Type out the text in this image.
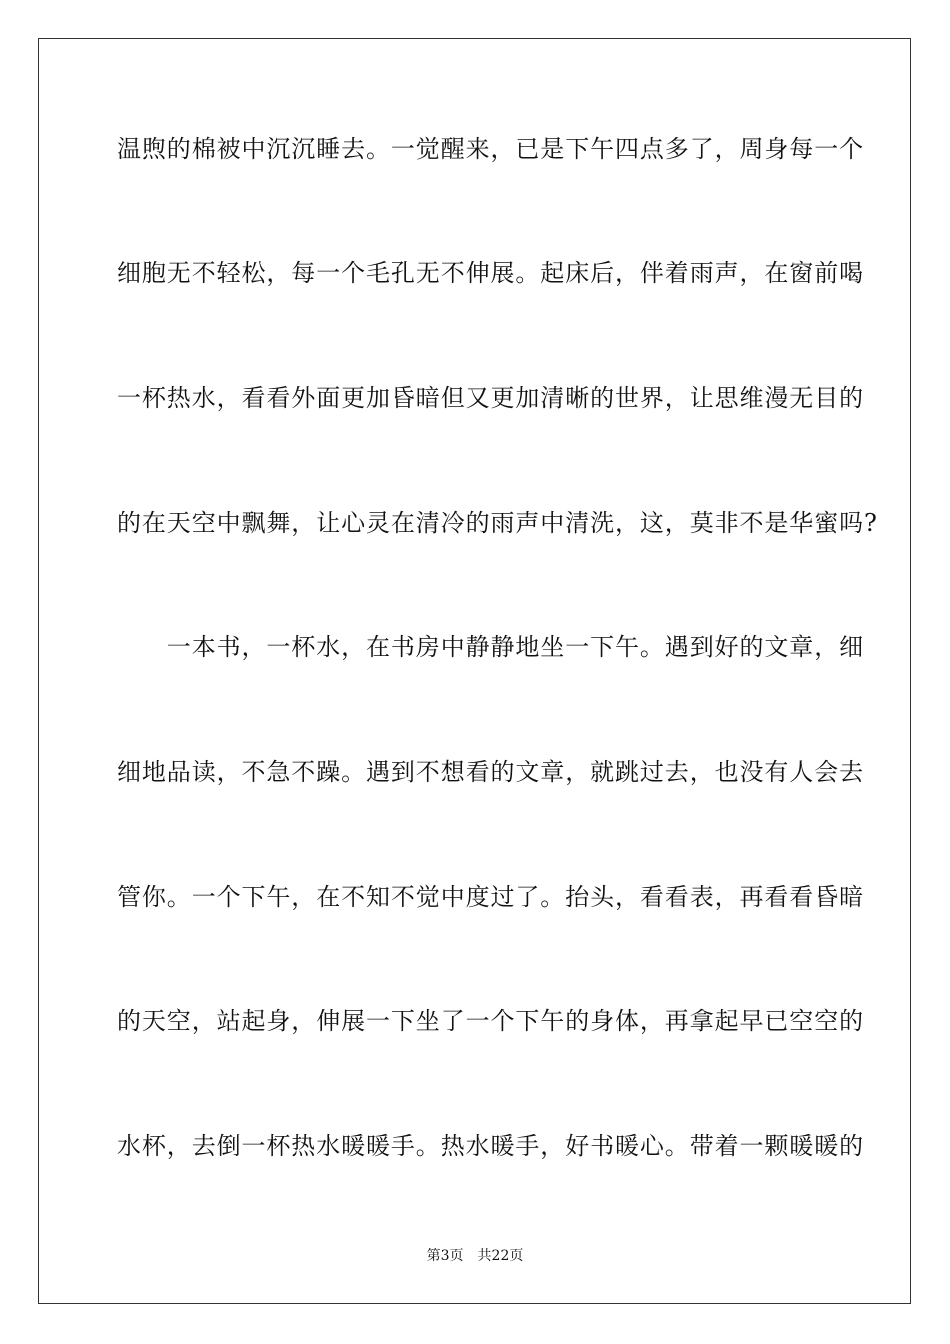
温煦的棉被中沉沉睡去。一觉醒来，已是下午四点多了，周身每一个
细胞无不轻松，每一个毛孔无不伸展。起床后，伴着雨声，在窗前喝
一杯热水，看看外面更加昏暗但又更加清晰的世界，让思维漫无目的
的在天空中飘舞，让心灵在清冷的雨声中清洗，这，莫非不是华蜜吗?
　　一本书，一杯水，在书房中静静地坐一下午。遇到好的文章，细
细地品读，不急不躁。遇到不想看的文章，就跳过去，也没有人会去
管你。一个下午，在不知不觉中度过了。抬头，看看表，再看看昏暗
的天空，站起身，伸展一下坐了一个下午的身体，再拿起早已空空的
水杯，去倒一杯热水暖暖手。热水暖手，好书暖心。带着一颗暖暖的
第3页 共22页
